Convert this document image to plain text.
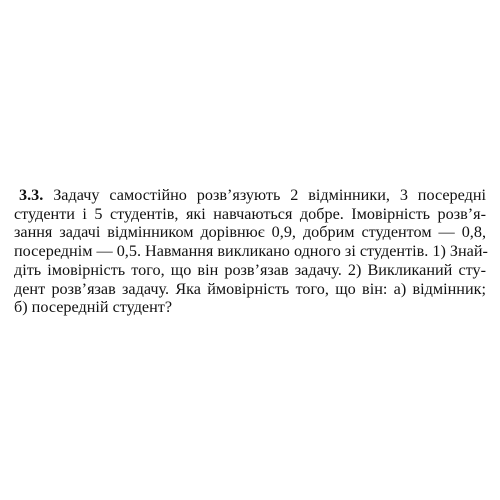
3.3. Задачу самостійно розв’язують 2 відмінники, 3 посередні
студенти і 5 студентів, які навчаються добре. Імовірність розв’я-
зання задачі відмінником дорівнює 0,9, добрим студентом — 0,8,
посереднім — 0,5. Навмання викликано одного зі студентів. 1) Знай-
діть імовірність того, що він розв’язав задачу. 2) Викликаний сту-
дент розв’язав задачу. Яка ймовірність того, що він: а) відмінник;
б) посередній студент?
